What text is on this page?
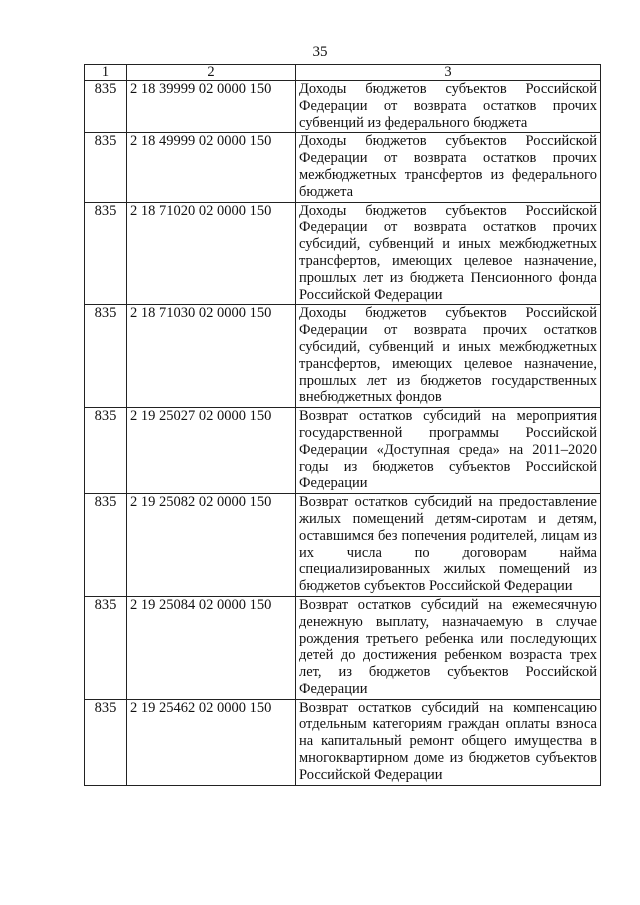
35
1	2	3
835	2 18 39999 02 0000 150	Доходы бюджетов субъектов Российской Федерации от возврата остатков прочих субвенций из федерального бюджета
835	2 18 49999 02 0000 150	Доходы бюджетов субъектов Российской Федерации от возврата остатков прочих межбюджетных трансфертов из федерального бюджета
835	2 18 71020 02 0000 150	Доходы бюджетов субъектов Российской Федерации от возврата остатков прочих субсидий, субвенций и иных межбюджетных трансфертов, имеющих целевое назначение, прошлых лет из бюджета Пенсионного фонда Российской Федерации
835	2 18 71030 02 0000 150	Доходы бюджетов субъектов Российской Федерации от возврата прочих остатков субсидий, субвенций и иных межбюджетных трансфертов, имеющих целевое назначение, прошлых лет из бюджетов государственных внебюджетных фондов
835	2 19 25027 02 0000 150	Возврат остатков субсидий на мероприятия государственной программы Российской Федерации «Доступная среда» на 2011–2020 годы из бюджетов субъектов Российской Федерации
835	2 19 25082 02 0000 150	Возврат остатков субсидий на предоставление жилых помещений детям-сиротам и детям, оставшимся без попечения родителей, лицам из их числа по договорам найма специализированных жилых помещений из бюджетов субъектов Российской Федерации
835	2 19 25084 02 0000 150	Возврат остатков субсидий на ежемесячную денежную выплату, назначаемую в случае рождения третьего ребенка или последующих детей до достижения ребенком возраста трех лет, из бюджетов субъектов Российской Федерации
835	2 19 25462 02 0000 150	Возврат остатков субсидий на компенсацию отдельным категориям граждан оплаты взноса на капитальный ремонт общего имущества в многоквартирном доме из бюджетов субъектов Российской Федерации
